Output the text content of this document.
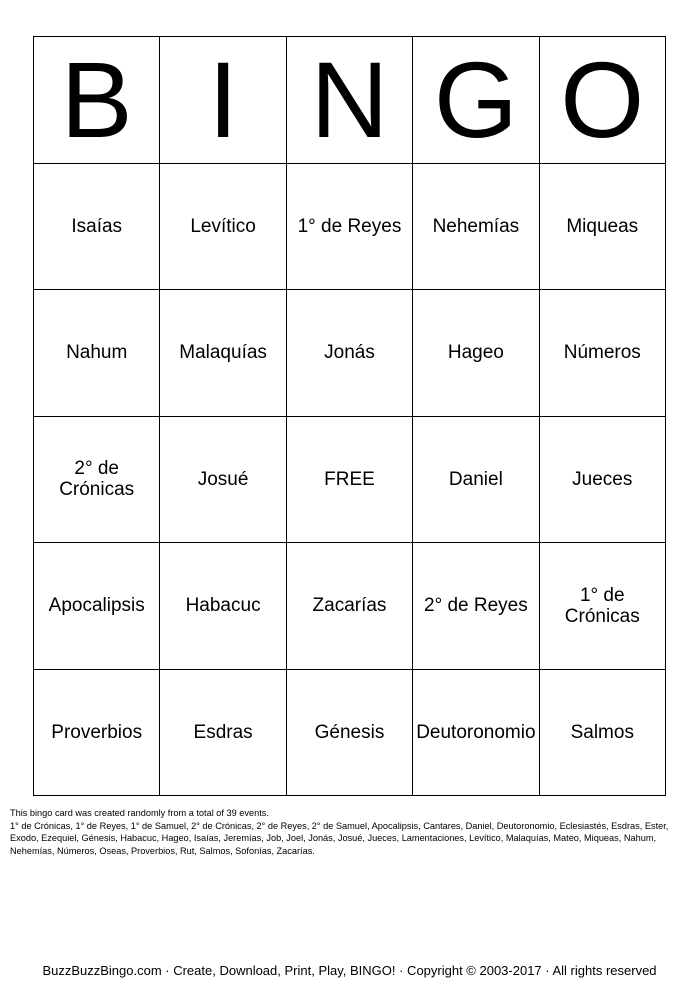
B	I	N	G	O
Isaías	Levítico	1° de Reyes	Nehemías	Miqueas
Nahum	Malaquías	Jonás	Hageo	Números
2° de Crónicas	Josué	FREE	Daniel	Jueces
Apocalipsis	Habacuc	Zacarías	2° de Reyes	1° de Crónicas
Proverbios	Esdras	Génesis	Deutoronomio	Salmos
This bingo card was created randomly from a total of 39 events.
1° de Crónicas, 1° de Reyes, 1° de Samuel, 2° de Crónicas, 2° de Reyes, 2° de Samuel, Apocalipsis, Cantares, Daniel, Deutoronomio, Eclesiastés, Esdras, Ester, Exodo, Ezequiel, Génesis, Habacuc, Hageo, Isaías, Jeremías, Job, Joel, Jonás, Josué, Jueces, Lamentaciones, Levítico, Malaquías, Mateo, Miqueas, Nahum, Nehemías, Números, Oseas, Proverbios, Rut, Salmos, Sofonías, Zacarías.
BuzzBuzzBingo.com · Create, Download, Print, Play, BINGO! · Copyright © 2003-2017 · All rights reserved
